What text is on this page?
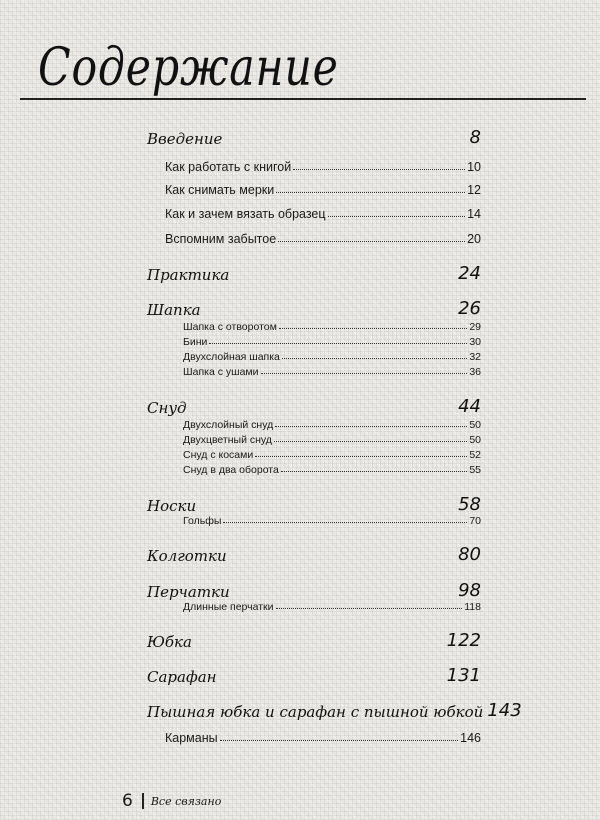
Содержание
Введение	8
Как работать с книгой	10
Как снимать мерки	12
Как и зачем вязать образец	14
Вспомним забытое	20
Практика	24
Шапка	26
Шапка с отворотом	29
Бини	30
Двухслойная шапка	32
Шапка с ушами	36
Снуд	44
Двухслойный снуд	50
Двухцветный снуд	50
Снуд с косами	52
Снуд в два оборота	55
Носки	58
Гольфы	70
Колготки	80
Перчатки	98
Длинные перчатки	118
Юбка	122
Сарафан	131
Пышная юбка и сарафан с пышной юбкой 143
Карманы	146
6 Все связано
